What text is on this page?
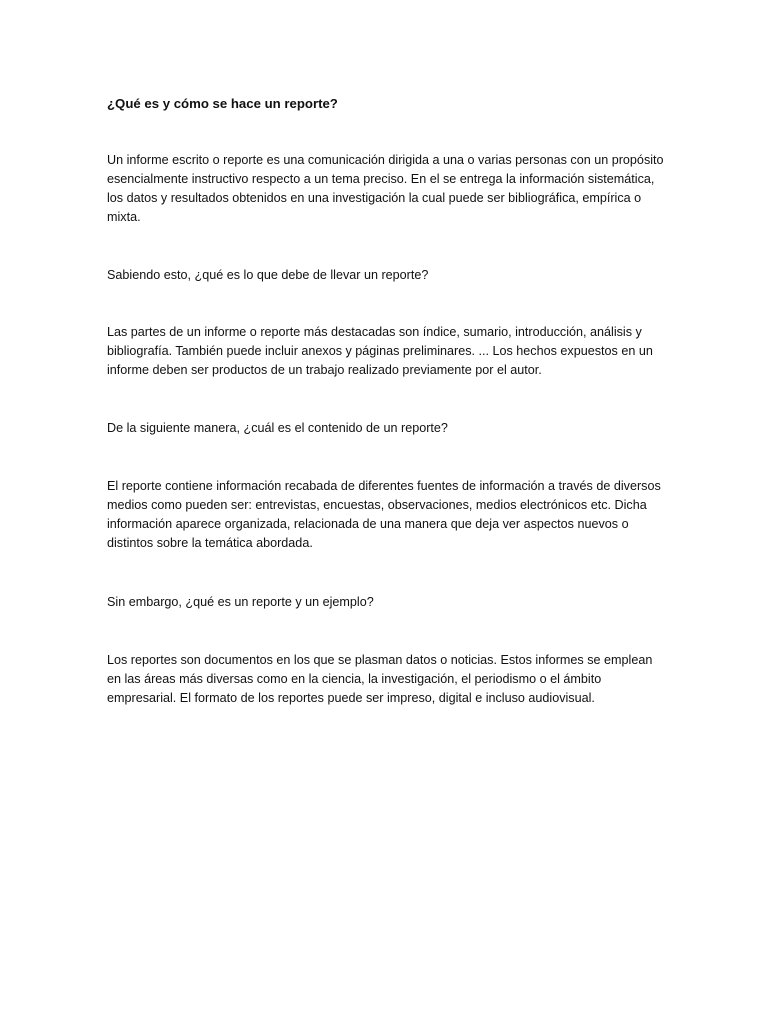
¿Qué es y cómo se hace un reporte?

Un informe escrito o reporte es una comunicación dirigida a una o varias personas con un propósito esencialmente instructivo respecto a un tema preciso. En el se entrega la información sistemática, los datos y resultados obtenidos en una investigación la cual puede ser bibliográfica, empírica o mixta.

Sabiendo esto, ¿qué es lo que debe de llevar un reporte?

Las partes de un informe o reporte más destacadas son índice, sumario, introducción, análisis y bibliografía. También puede incluir anexos y páginas preliminares. ... Los hechos expuestos en un informe deben ser productos de un trabajo realizado previamente por el autor.

De la siguiente manera, ¿cuál es el contenido de un reporte?

El reporte contiene información recabada de diferentes fuentes de información a través de diversos medios como pueden ser: entrevistas, encuestas, observaciones, medios electrónicos etc. Dicha información aparece organizada, relacionada de una manera que deja ver aspectos nuevos o distintos sobre la temática abordada.

Sin embargo, ¿qué es un reporte y un ejemplo?

Los reportes son documentos en los que se plasman datos o noticias. Estos informes se emplean en las áreas más diversas como en la ciencia, la investigación, el periodismo o el ámbito empresarial. El formato de los reportes puede ser impreso, digital e incluso audiovisual.
